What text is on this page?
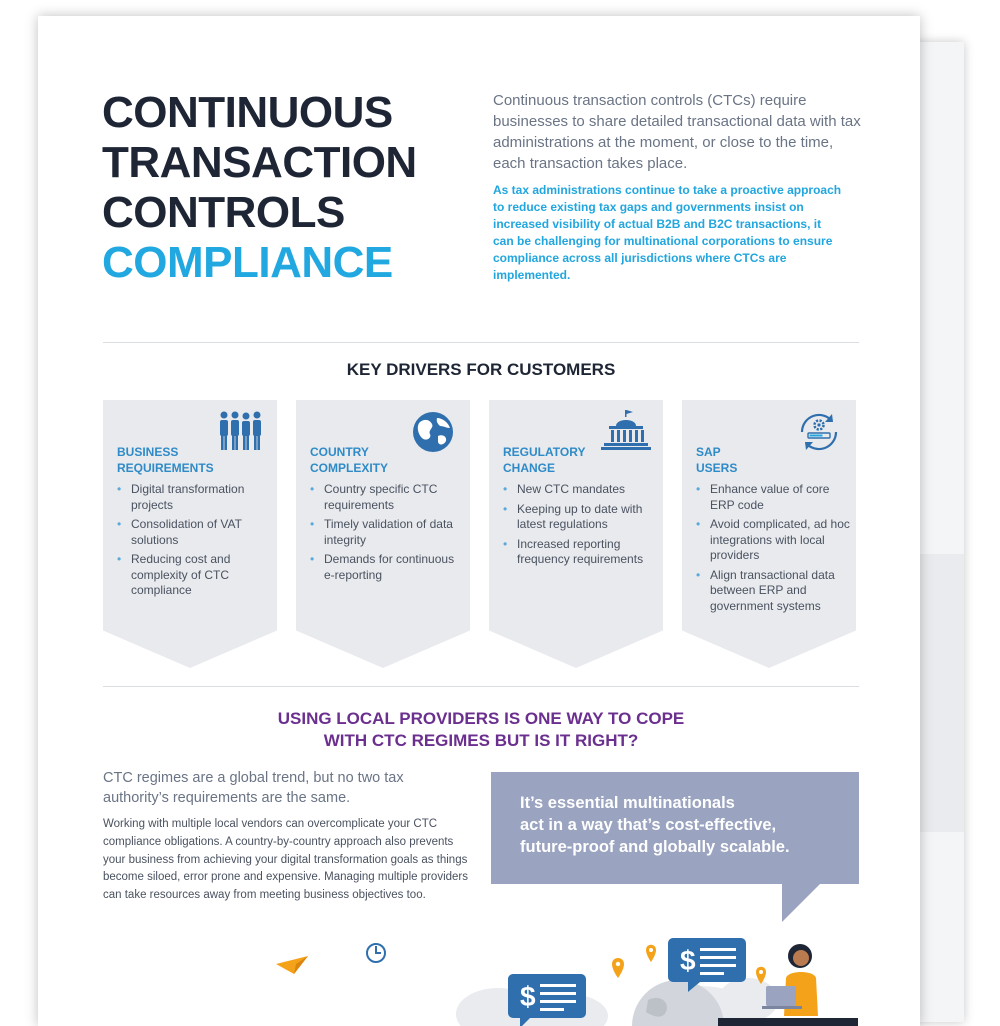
CONTINUOUS
TRANSACTION
CONTROLS
COMPLIANCE

Continuous transaction controls (CTCs) require businesses to share detailed transactional data with tax administrations at the moment, or close to the time, each transaction takes place.

As tax administrations continue to take a proactive approach to reduce existing tax gaps and governments insist on increased visibility of actual B2B and B2C transactions, it can be challenging for multinational corporations to ensure compliance across all jurisdictions where CTCs are implemented.

KEY DRIVERS FOR CUSTOMERS
BUSINESS
REQUIREMENTS
• Digital transformation projects
• Consolidation of VAT solutions
• Reducing cost and complexity of CTC compliance
COUNTRY
COMPLEXITY
• Country specific CTC requirements
• Timely validation of data integrity
• Demands for continuous e-reporting
REGULATORY
CHANGE
• New CTC mandates
• Keeping up to date with latest regulations
• Increased reporting frequency requirements
SAP
USERS
• Enhance value of core ERP code
• Avoid complicated, ad hoc integrations with local providers
• Align transactional data between ERP and government systems
USING LOCAL PROVIDERS IS ONE WAY TO COPE
WITH CTC REGIMES BUT IS IT RIGHT?

CTC regimes are a global trend, but no two tax authority’s requirements are the same.

Working with multiple local vendors can overcomplicate your CTC compliance obligations. A country-by-country approach also prevents your business from achieving your digital transformation goals as things become siloed, error prone and expensive. Managing multiple providers can take resources away from meeting business objectives too.

It’s essential multinationals
act in a way that’s cost-effective,
future-proof and globally scalable.

$
$
